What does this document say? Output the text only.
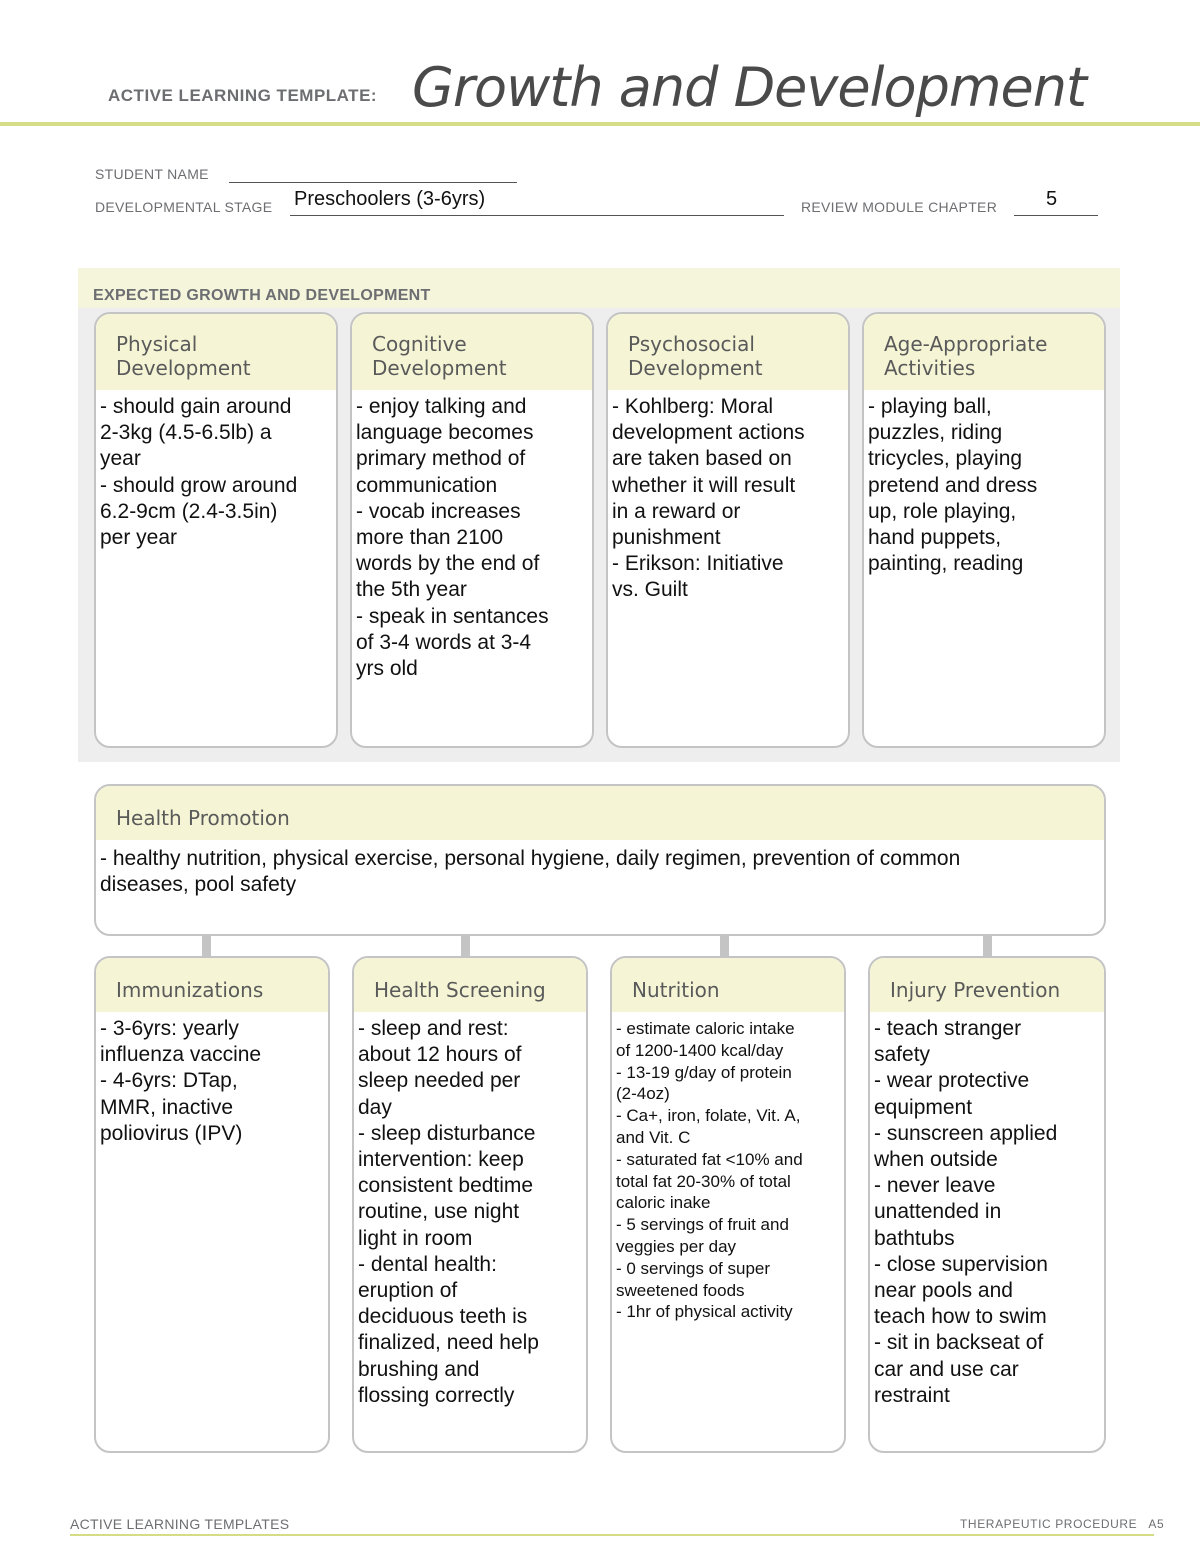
ACTIVE LEARNING TEMPLATE: Growth and Development
STUDENT NAME
DEVELOPMENTAL STAGE Preschoolers (3-6yrs)	REVIEW MODULE CHAPTER 5
EXPECTED GROWTH AND DEVELOPMENT
Physical
Development
- should gain around
2-3kg (4.5-6.5lb) a
year
- should grow around
6.2-9cm (2.4-3.5in)
per year
Cognitive
Development
- enjoy talking and
language becomes
primary method of
communication
- vocab increases
more than 2100
words by the end of
the 5th year
- speak in sentances
of 3-4 words at 3-4
yrs old
Psychosocial
Development
- Kohlberg: Moral
development actions
are taken based on
whether it will result
in a reward or
punishment
- Erikson: Initiative
vs. Guilt
Age-Appropriate
Activities
- playing ball,
puzzles, riding
tricycles, playing
pretend and dress
up, role playing,
hand puppets,
painting, reading
Health Promotion
- healthy nutrition, physical exercise, personal hygiene, daily regimen, prevention of common
diseases, pool safety
Immunizations
- 3-6yrs: yearly
influenza vaccine
- 4-6yrs: DTap,
MMR, inactive
poliovirus (IPV)
Health Screening
- sleep and rest:
about 12 hours of
sleep needed per
day
- sleep disturbance
intervention: keep
consistent bedtime
routine, use night
light in room
- dental health:
eruption of
deciduous teeth is
finalized, need help
brushing and
flossing correctly
Nutrition
- estimate caloric intake
of 1200-1400 kcal/day
- 13-19 g/day of protein
(2-4oz)
- Ca+, iron, folate, Vit. A,
and Vit. C
- saturated fat <10% and
total fat 20-30% of total
caloric inake
- 5 servings of fruit and
veggies per day
- 0 servings of super
sweetened foods
- 1hr of physical activity
Injury Prevention
- teach stranger
safety
- wear protective
equipment
- sunscreen applied
when outside
- never leave
unattended in
bathtubs
- close supervision
near pools and
teach how to swim
- sit in backseat of
car and use car
restraint
ACTIVE LEARNING TEMPLATES	THERAPEUTIC PROCEDURE   A5
